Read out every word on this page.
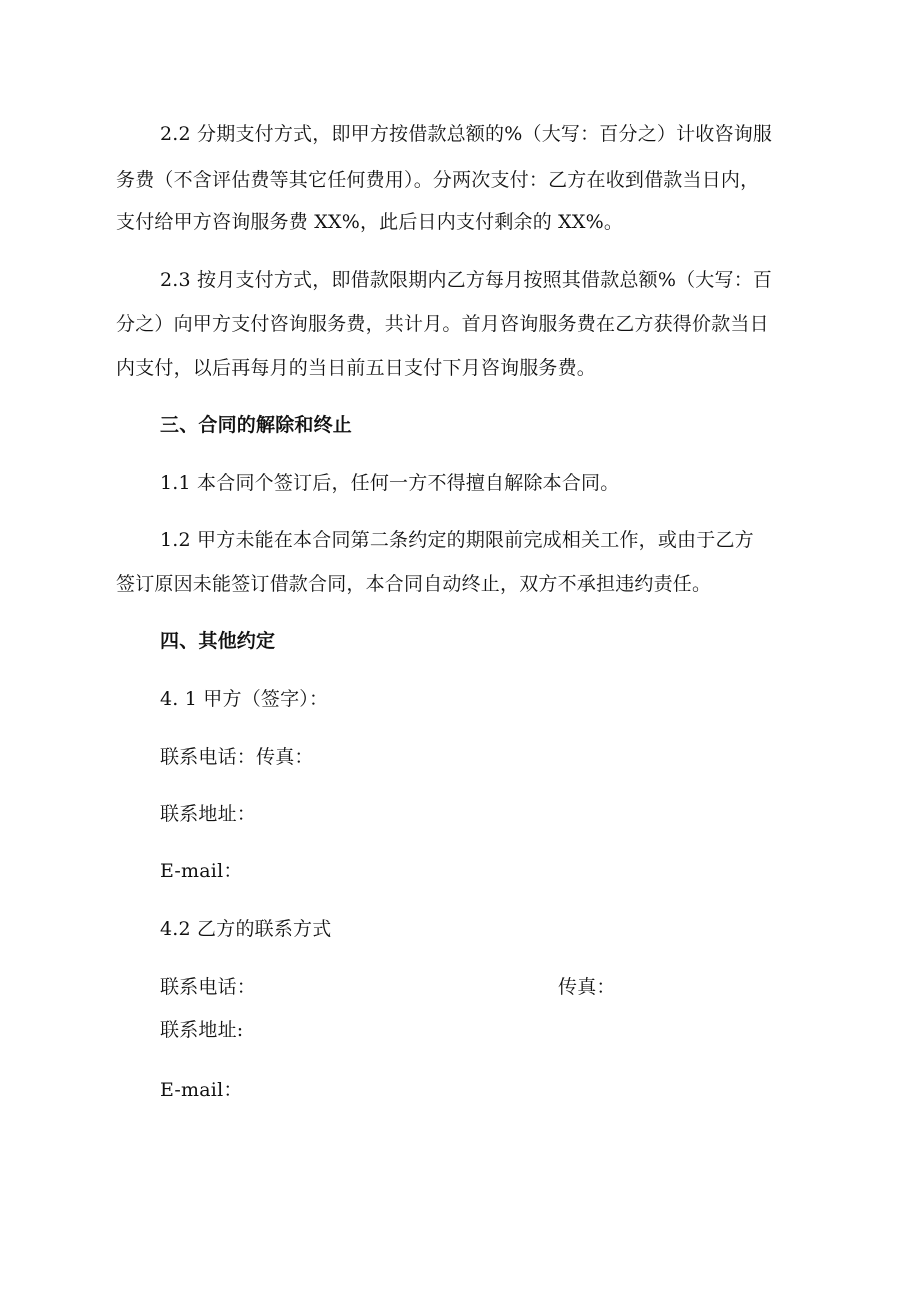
2.2 分期支付方式，即甲方按借款总额的%（大写：百分之）计收咨询服
务费（不含评估费等其它任何费用）。分两次支付：乙方在收到借款当日内，
支付给甲方咨询服务费 XX%，此后日内支付剩余的 XX%。
2.3 按月支付方式，即借款限期内乙方每月按照其借款总额%（大写：百
分之）向甲方支付咨询服务费，共计月。首月咨询服务费在乙方获得价款当日
内支付，以后再每月的当日前五日支付下月咨询服务费。
三、合同的解除和终止
1.1 本合同个签订后，任何一方不得擅自解除本合同。
1.2 甲方未能在本合同第二条约定的期限前完成相关工作，或由于乙方
签订原因未能签订借款合同，本合同自动终止，双方不承担违约责任。
四、其他约定
4. 1 甲方（签字）：
联系电话：传真：
联系地址：
E-mail：
4.2 乙方的联系方式
联系电话：	传真：
联系地址:
E-mail：
